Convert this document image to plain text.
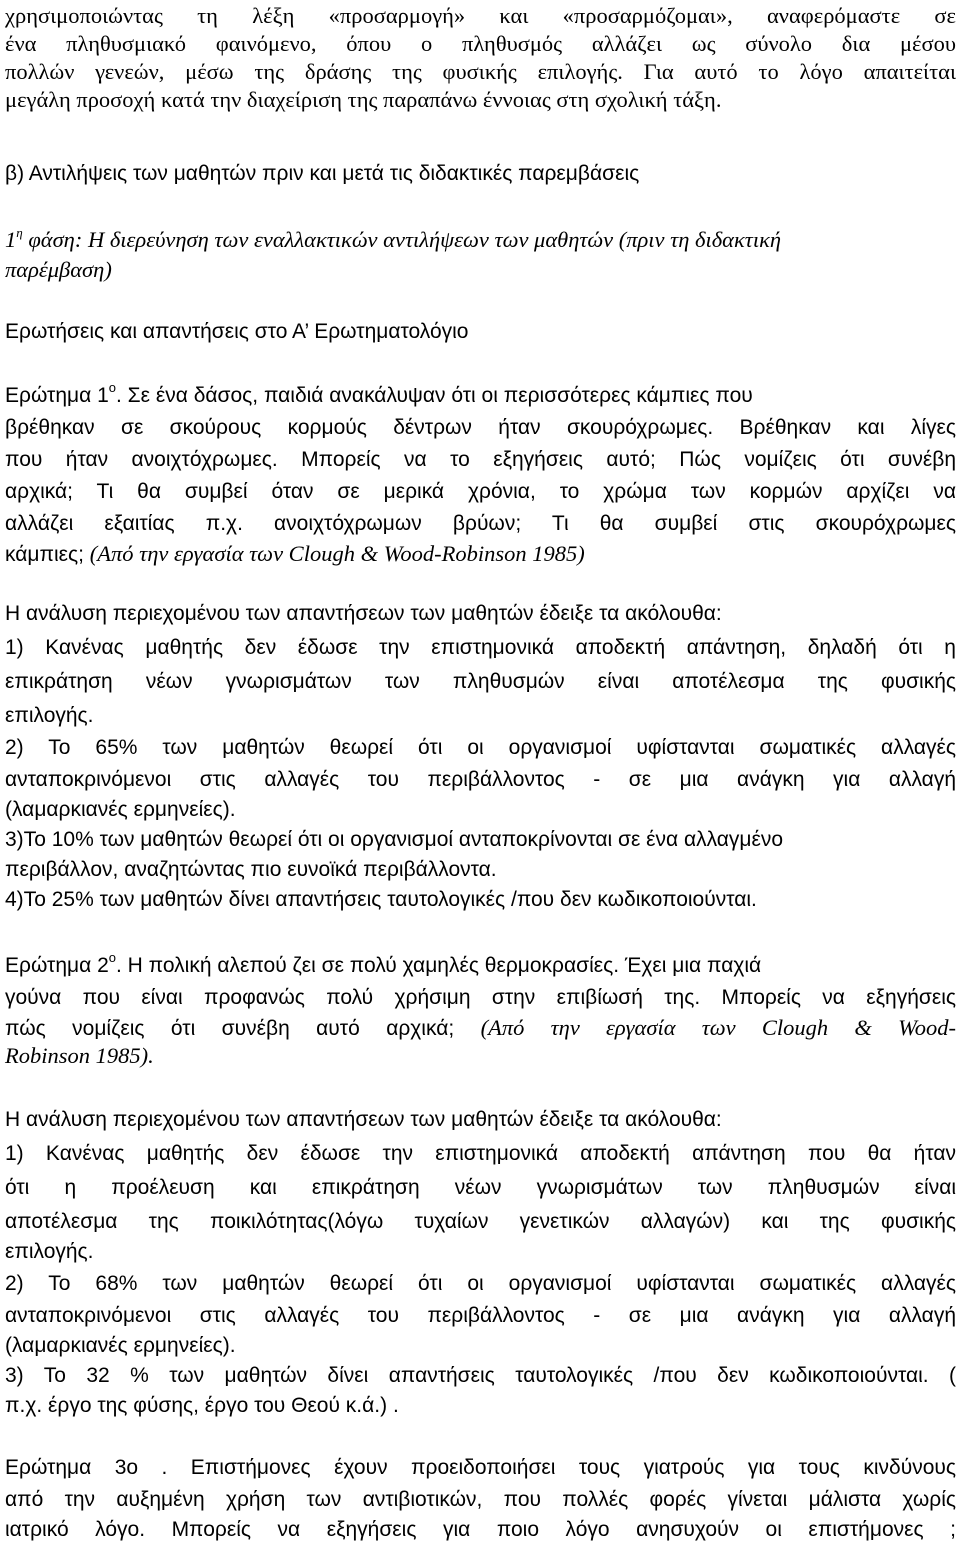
χρησιμοποιώντας τη λέξη «προσαρμογή» και «προσαρμόζομαι», αναφερόμαστε σε
ένα πληθυσμιακό φαινόμενο, όπου ο πληθυσμός αλλάζει ως σύνολο δια μέσου
πολλών γενεών, μέσω της δράσης της φυσικής επιλογής. Για αυτό το λόγο απαιτείται
μεγάλη προσοχή κατά την διαχείριση της παραπάνω έννοιας στη σχολική τάξη.
β) Αντιλήψεις των μαθητών πριν και μετά τις διδακτικές παρεμβάσεις
$1^\eta$ φάση: Η διερεύνηση των εναλλακτικών αντιλήψεων των μαθητών (πριν τη διδακτική
παρέμβαση)
Ερωτήσεις και απαντήσεις στο Α’ Ερωτηματολόγιο
Ερώτημα $1^o$. Σε ένα δάσος, παιδιά ανακάλυψαν ότι οι περισσότερες κάμπιες που
βρέθηκαν σε σκούρους κορμούς δέντρων ήταν σκουρόχρωμες. Βρέθηκαν και λίγες
που ήταν ανοιχτόχρωμες. Μπορείς να το εξηγήσεις αυτό; Πώς νομίζεις ότι συνέβη
αρχικά; Τι θα συμβεί όταν σε μερικά χρόνια, το χρώμα των κορμών αρχίζει να
αλλάζει εξαιτίας π.χ. ανοιχτόχρωμων βρύων; Τι θα συμβεί στις σκουρόχρωμες
κάμπιες; (Από την εργασία των Clough & Wood-Robinson 1985)
Η ανάλυση περιεχομένου των απαντήσεων των μαθητών έδειξε τα ακόλουθα:
1) Κανένας μαθητής δεν έδωσε την επιστημονικά αποδεκτή απάντηση, δηλαδή ότι η
επικράτηση νέων γνωρισμάτων των πληθυσμών είναι αποτέλεσμα της φυσικής
επιλογής.
2) Το 65% των μαθητών θεωρεί ότι οι οργανισμοί υφίστανται σωματικές αλλαγές
ανταποκρινόμενοι στις αλλαγές του περιβάλλοντος - σε μια ανάγκη για αλλαγή
(λαμαρκιανές ερμηνείες).
3)Το 10% των μαθητών θεωρεί ότι οι οργανισμοί ανταποκρίνονται σε ένα αλλαγμένο
περιβάλλον, αναζητώντας πιο ευνοϊκά περιβάλλοντα.
4)Το 25% των μαθητών δίνει απαντήσεις ταυτολογικές /που δεν κωδικοποιούνται.
Ερώτημα $2^o$. Η πολική αλεπού ζει σε πολύ χαμηλές θερμοκρασίες. Έχει μια παχιά
γούνα που είναι προφανώς πολύ χρήσιμη στην επιβίωσή της. Μπορείς να εξηγήσεις
πώς νομίζεις ότι συνέβη αυτό αρχικά; (Από την εργασία των Clough & Wood-
Robinson 1985).
Η ανάλυση περιεχομένου των απαντήσεων των μαθητών έδειξε τα ακόλουθα:
1) Κανένας μαθητής δεν έδωσε την επιστημονικά αποδεκτή απάντηση που θα ήταν
ότι η προέλευση και επικράτηση νέων γνωρισμάτων των πληθυσμών είναι
αποτέλεσμα της ποικιλότητας(λόγω τυχαίων γενετικών αλλαγών) και της φυσικής
επιλογής.
2) Το 68% των μαθητών θεωρεί ότι οι οργανισμοί υφίστανται σωματικές αλλαγές
ανταποκρινόμενοι στις αλλαγές του περιβάλλοντος - σε μια ανάγκη για αλλαγή
(λαμαρκιανές ερμηνείες).
3) Το 32 % των μαθητών δίνει απαντήσεις ταυτολογικές /που δεν κωδικοποιούνται. (
π.χ. έργο της φύσης, έργο του Θεού κ.ά.) .
Ερώτημα 3ο . Επιστήμονες έχουν προειδοποιήσει τους γιατρούς για τους κινδύνους
από την αυξημένη χρήση των αντιβιοτικών, που πολλές φορές γίνεται μάλιστα χωρίς
ιατρικό λόγο. Μπορείς να εξηγήσεις για ποιο λόγο ανησυχούν οι επιστήμονες ;
